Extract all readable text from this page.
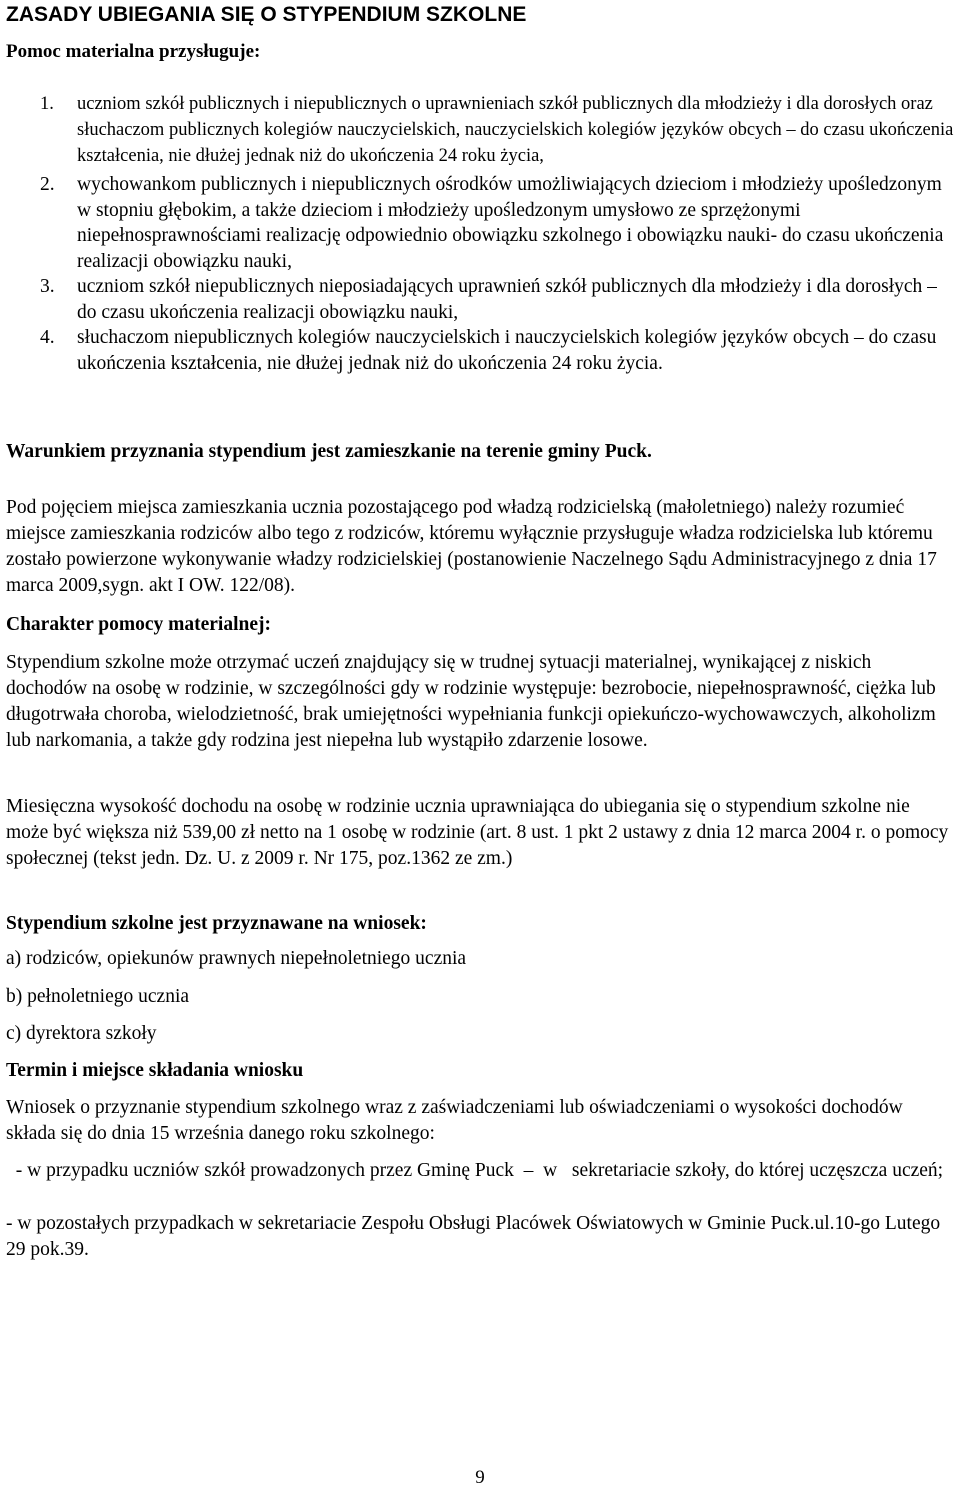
ZASADY UBIEGANIA SIĘ O STYPENDIUM SZKOLNE
Pomoc materialna przysługuje:
1. uczniom szkół publicznych i niepublicznych o uprawnieniach szkół publicznych dla młodzieży i dla dorosłych oraz słuchaczom publicznych kolegiów nauczycielskich, nauczycielskich kolegiów języków obcych – do czasu ukończenia kształcenia, nie dłużej jednak niż do ukończenia 24 roku życia,
2. wychowankom publicznych i niepublicznych ośrodków umożliwiających dzieciom i młodzieży upośledzonym w stopniu głębokim, a także dzieciom i młodzieży upośledzonym umysłowo ze sprzężonymi niepełnosprawnościami realizację odpowiednio obowiązku szkolnego i obowiązku nauki- do czasu ukończenia realizacji obowiązku nauki,
3. uczniom szkół niepublicznych nieposiadających uprawnień szkół publicznych dla młodzieży i dla dorosłych – do czasu ukończenia realizacji obowiązku nauki,
4. słuchaczom niepublicznych kolegiów nauczycielskich i nauczycielskich kolegiów języków obcych – do czasu ukończenia kształcenia, nie dłużej jednak niż do ukończenia 24 roku życia.
Warunkiem przyznania stypendium jest zamieszkanie na terenie gminy Puck.
Pod pojęciem miejsca zamieszkania ucznia pozostającego pod władzą rodzicielską (małoletniego) należy rozumieć miejsce zamieszkania rodziców albo tego z rodziców, któremu wyłącznie przysługuje władza rodzicielska lub któremu zostało powierzone wykonywanie władzy rodzicielskiej (postanowienie Naczelnego Sądu Administracyjnego z dnia 17 marca 2009,sygn. akt I OW. 122/08).
Charakter pomocy materialnej:
Stypendium szkolne może otrzymać uczeń znajdujący się w trudnej sytuacji materialnej, wynikającej z niskich dochodów na osobę w rodzinie, w szczególności gdy w rodzinie występuje: bezrobocie, niepełnosprawność, ciężka lub długotrwała choroba, wielodzietność, brak umiejętności wypełniania funkcji opiekuńczo-wychowawczych, alkoholizm lub narkomania, a także gdy rodzina jest niepełna lub wystąpiło zdarzenie losowe.
Miesięczna wysokość dochodu na osobę w rodzinie ucznia uprawniająca do ubiegania się o stypendium szkolne nie może być większa niż 539,00 zł netto na 1 osobę w rodzinie (art. 8 ust. 1 pkt 2 ustawy z dnia 12 marca 2004 r. o pomocy społecznej (tekst jedn. Dz. U. z 2009 r. Nr 175, poz.1362 ze zm.)
Stypendium szkolne jest przyznawane na wniosek:
a) rodziców, opiekunów prawnych niepełnoletniego ucznia
b) pełnoletniego ucznia
c) dyrektora szkoły
Termin i miejsce składania wniosku
Wniosek o przyznanie stypendium szkolnego wraz z zaświadczeniami lub oświadczeniami o wysokości dochodów składa się do dnia 15 września danego roku szkolnego:
- w przypadku uczniów szkół prowadzonych przez Gminę Puck  –  w   sekretariacie szkoły, do której uczęszcza uczeń;
- w pozostałych przypadkach w sekretariacie Zespołu Obsługi Placówek Oświatowych w Gminie Puck.ul.10-go Lutego 29 pok.39.
9
